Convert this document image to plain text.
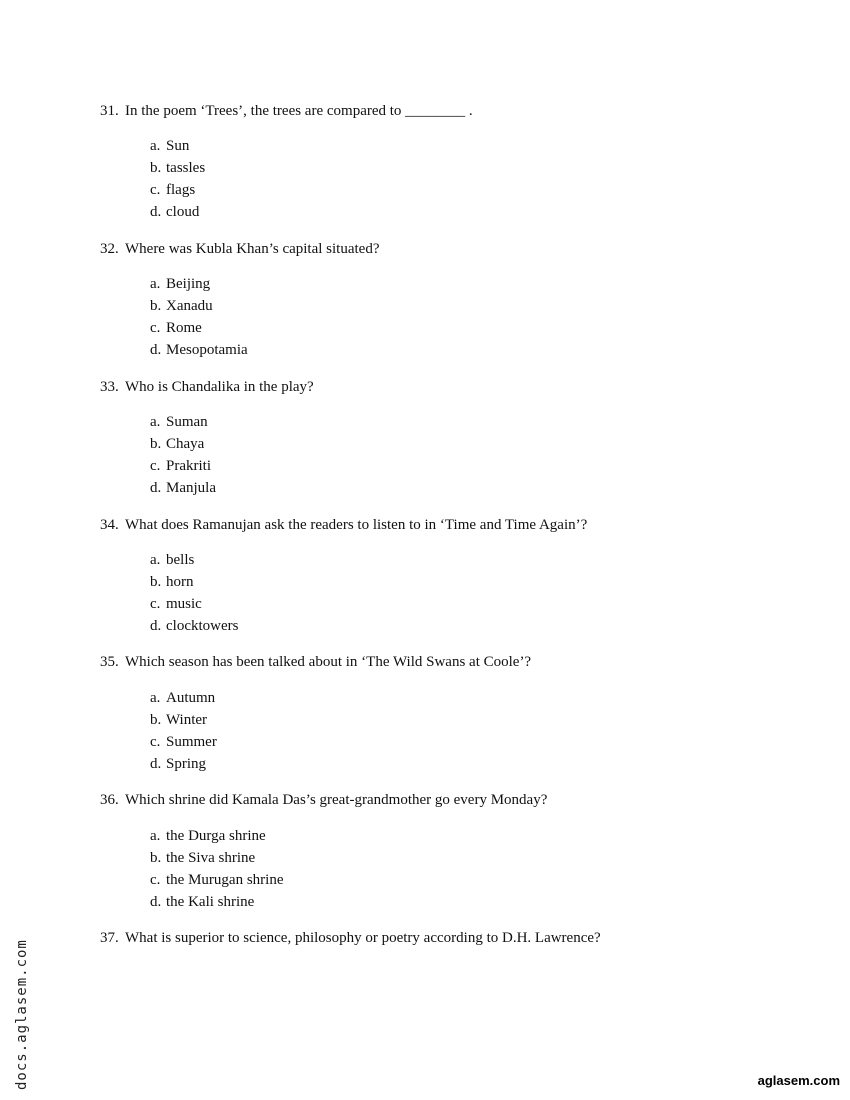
31. In the poem ‘Trees’, the trees are compared to ________ .
a. Sun
b. tassles
c. flags
d. cloud
32. Where was Kubla Khan’s capital situated?
a. Beijing
b. Xanadu
c. Rome
d. Mesopotamia
33. Who is Chandalika in the play?
a. Suman
b. Chaya
c. Prakriti
d. Manjula
34. What does Ramanujan ask the readers to listen to in ‘Time and Time Again’?
a. bells
b. horn
c. music
d. clocktowers
35. Which season has been talked about in ‘The Wild Swans at Coole’?
a. Autumn
b. Winter
c. Summer
d. Spring
36. Which shrine did Kamala Das’s great-grandmother go every Monday?
a. the Durga shrine
b. the Siva shrine
c. the Murugan shrine
d. the Kali shrine
37. What is superior to science, philosophy or poetry according to D.H. Lawrence?
docs.aglasem.com	aglasem.com
